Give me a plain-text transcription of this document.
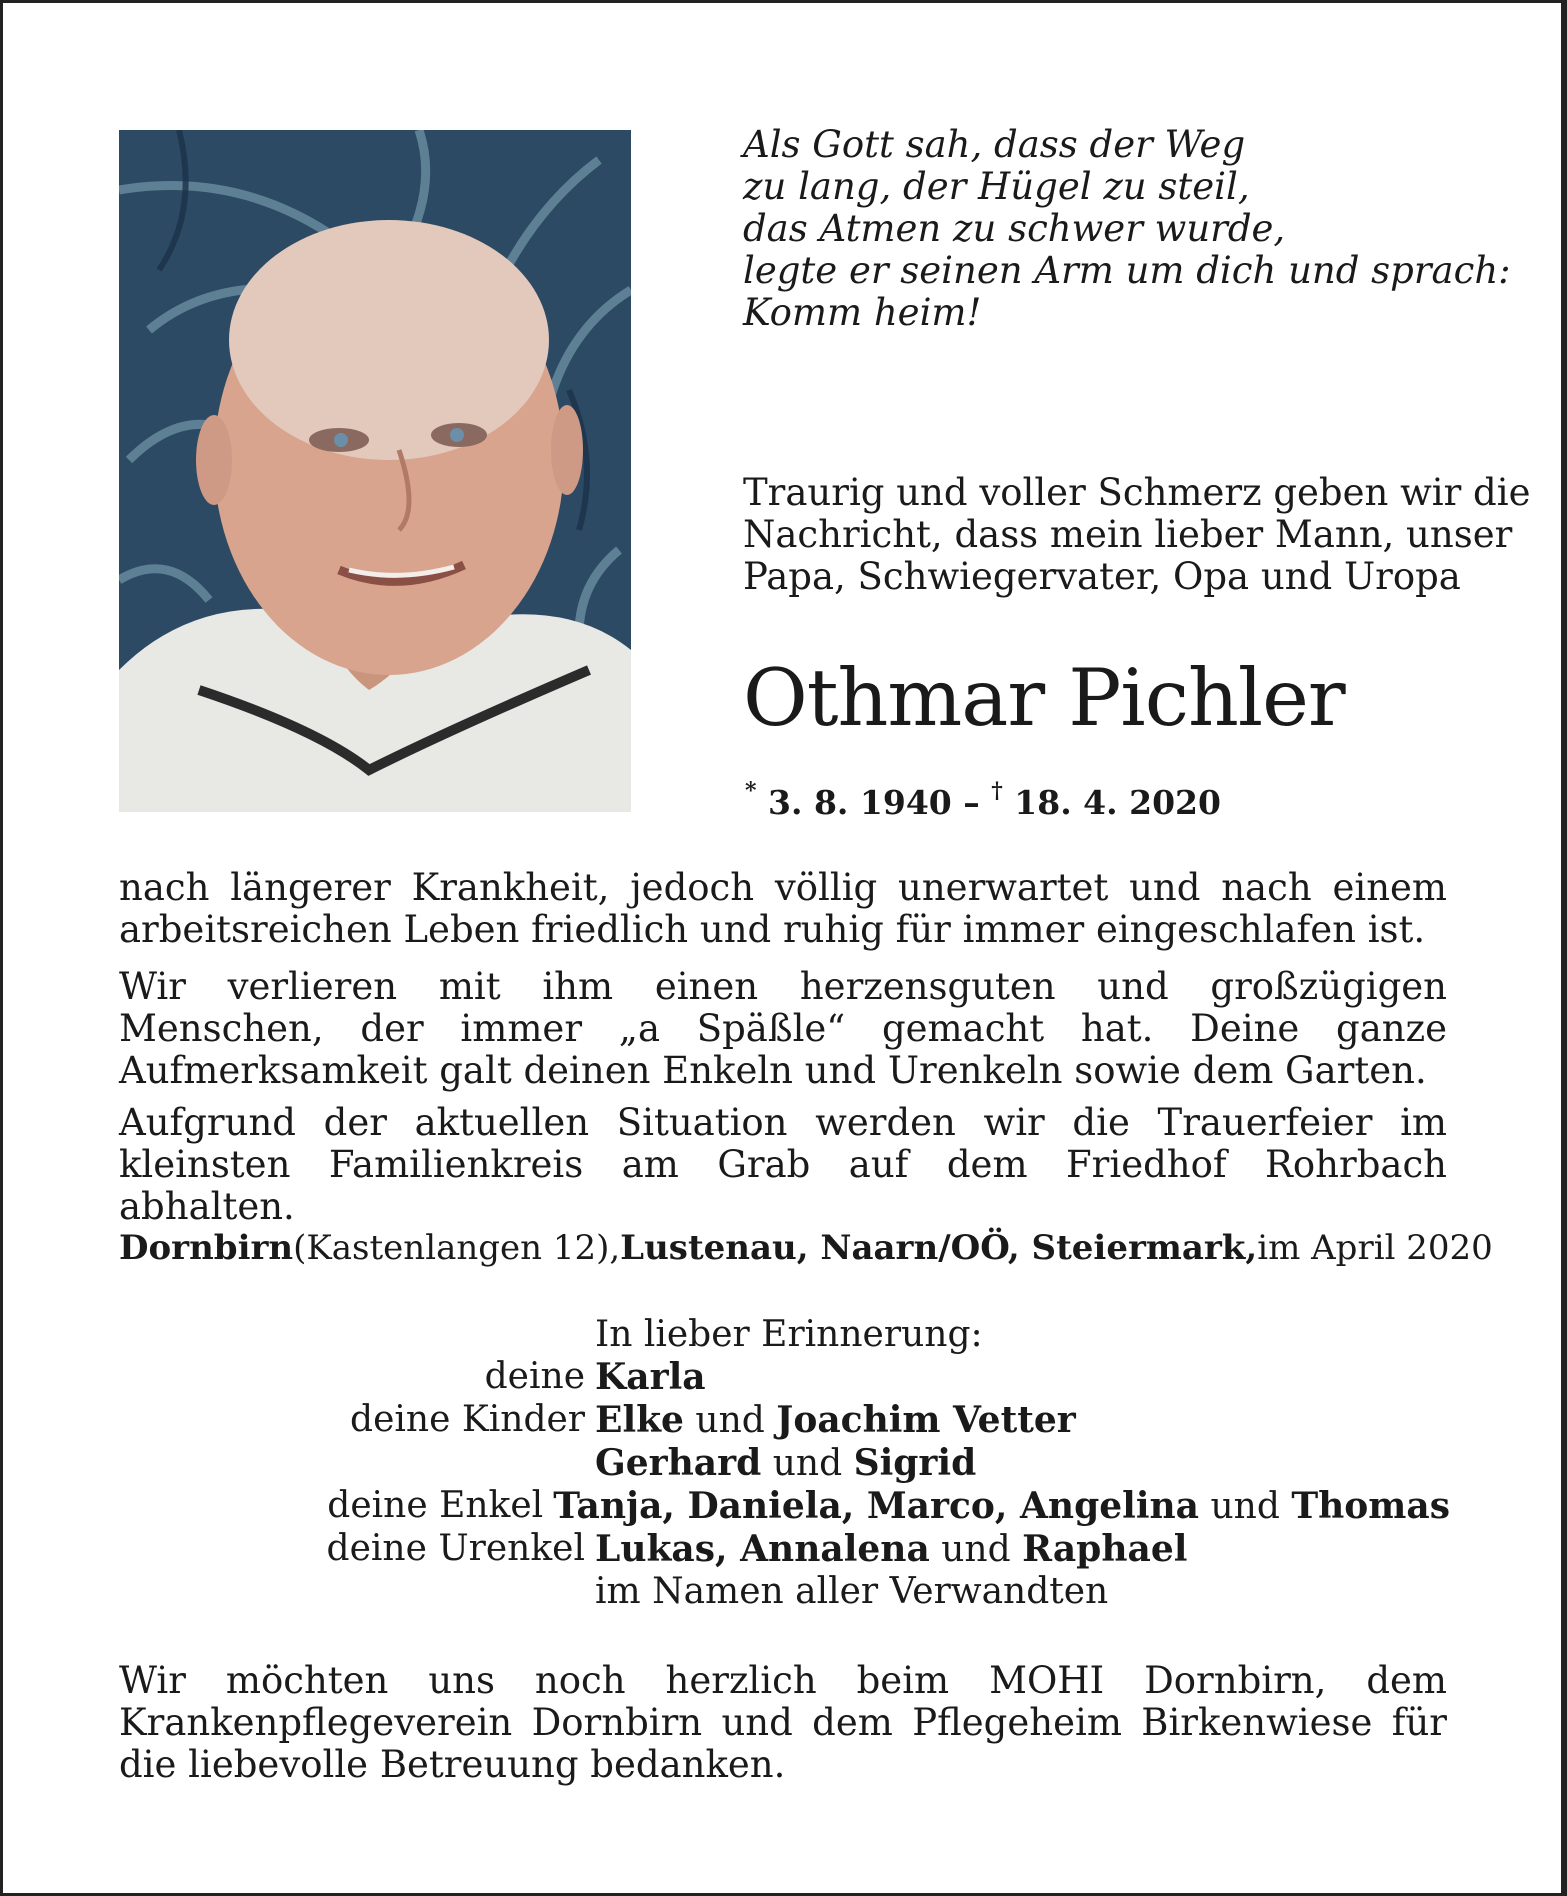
Als Gott sah, dass der Weg
zu lang, der Hügel zu steil,
das Atmen zu schwer wurde,
legte er seinen Arm um dich und sprach:
Komm heim!
Traurig und voller Schmerz geben wir die
Nachricht, dass mein lieber Mann, unser
Papa, Schwiegervater, Opa und Uropa
Othmar Pichler
* 3. 8. 1940 – † 18. 4. 2020
nach längerer Krankheit, jedoch völlig unerwartet und nach einem arbeitsreichen Leben friedlich und ruhig für immer eingeschlafen ist.
Wir verlieren mit ihm einen herzensguten und großzügigen Menschen, der immer „a Späßle“ gemacht hat. Deine ganze Aufmerksamkeit galt deinen Enkeln und Urenkeln sowie dem Garten.
Aufgrund der aktuellen Situation werden wir die Trauerfeier im kleinsten Familienkreis am Grab auf dem Friedhof Rohrbach abhalten.
Dornbirn (Kastenlangen 12), Lustenau, Naarn/OÖ, Steiermark, im April 2020
In lieber Erinnerung:
deine Karla
deine Kinder Elke und Joachim Vetter
Gerhard und Sigrid
deine Enkel Tanja, Daniela, Marco, Angelina und Thomas
deine Urenkel Lukas, Annalena und Raphael
im Namen aller Verwandten
Wir möchten uns noch herzlich beim MOHI Dornbirn, dem Krankenpflegeverein Dornbirn und dem Pflegeheim Birkenwiese für die liebevolle Betreuung bedanken.
